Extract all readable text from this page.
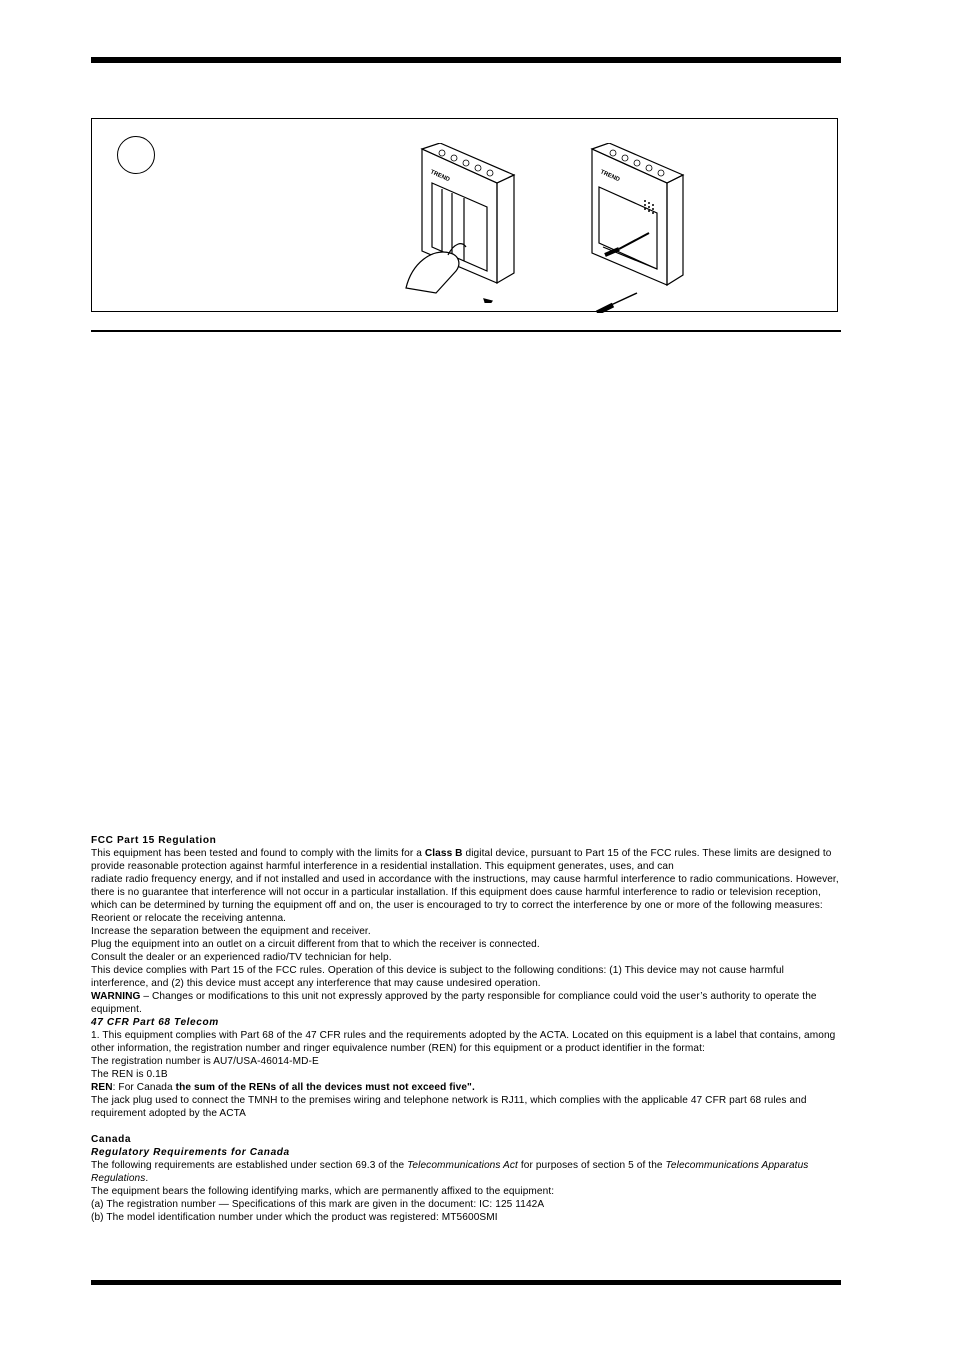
TREND	TREND

FCC Part 15 Regulation

This equipment has been tested and found to comply with the limits for a Class B digital device, pursuant to Part 15 of the FCC rules. These limits are designed to provide reasonable protection against harmful interference in a residential installation. This equipment generates, uses, and can

radiate radio frequency energy, and if not installed and used in accordance with the instructions, may cause harmful interference to radio communications. However, there is no guarantee that interference will not occur in a particular installation. If this equipment does cause harmful interference to radio or television reception, which can be determined by turning the equipment off and on, the user is encouraged to try to correct the interference by one or more of the following measures:

Reorient or relocate the receiving antenna.

Increase the separation between the equipment and receiver.

Plug the equipment into an outlet on a circuit different from that to which the receiver is connected.

Consult the dealer or an experienced radio/TV technician for help.

This device complies with Part 15 of the FCC rules. Operation of this device is subject to the following conditions: (1) This device may not cause harmful interference, and (2) this device must accept any interference that may cause undesired operation.

WARNING – Changes or modifications to this unit not expressly approved by the party responsible for compliance could void the user’s authority to operate the equipment.

47 CFR Part 68 Telecom

1. This equipment complies with Part 68 of the 47 CFR rules and the requirements adopted by the ACTA. Located on this equipment is a label that contains, among other information, the registration number and ringer equivalence number (REN) for this equipment or a product identifier in the format:

The registration number is AU7/USA-46014-MD-E

The REN is 0.1B

REN: For Canada the sum of the RENs of all the devices must not exceed five".

The jack plug used to connect the TMNH to the premises wiring and telephone network is RJ11, which complies with the applicable 47 CFR part 68 rules and requirement adopted by the ACTA

Canada

Regulatory Requirements for Canada

The following requirements are established under section 69.3 of the Telecommunications Act for purposes of section 5 of the Telecommunications Apparatus Regulations.

The equipment bears the following identifying marks, which are permanently affixed to the equipment:

(a) The registration number — Specifications of this mark are given in the document: IC: 125 1142A

(b) The model identification number under which the product was registered: MT5600SMI
